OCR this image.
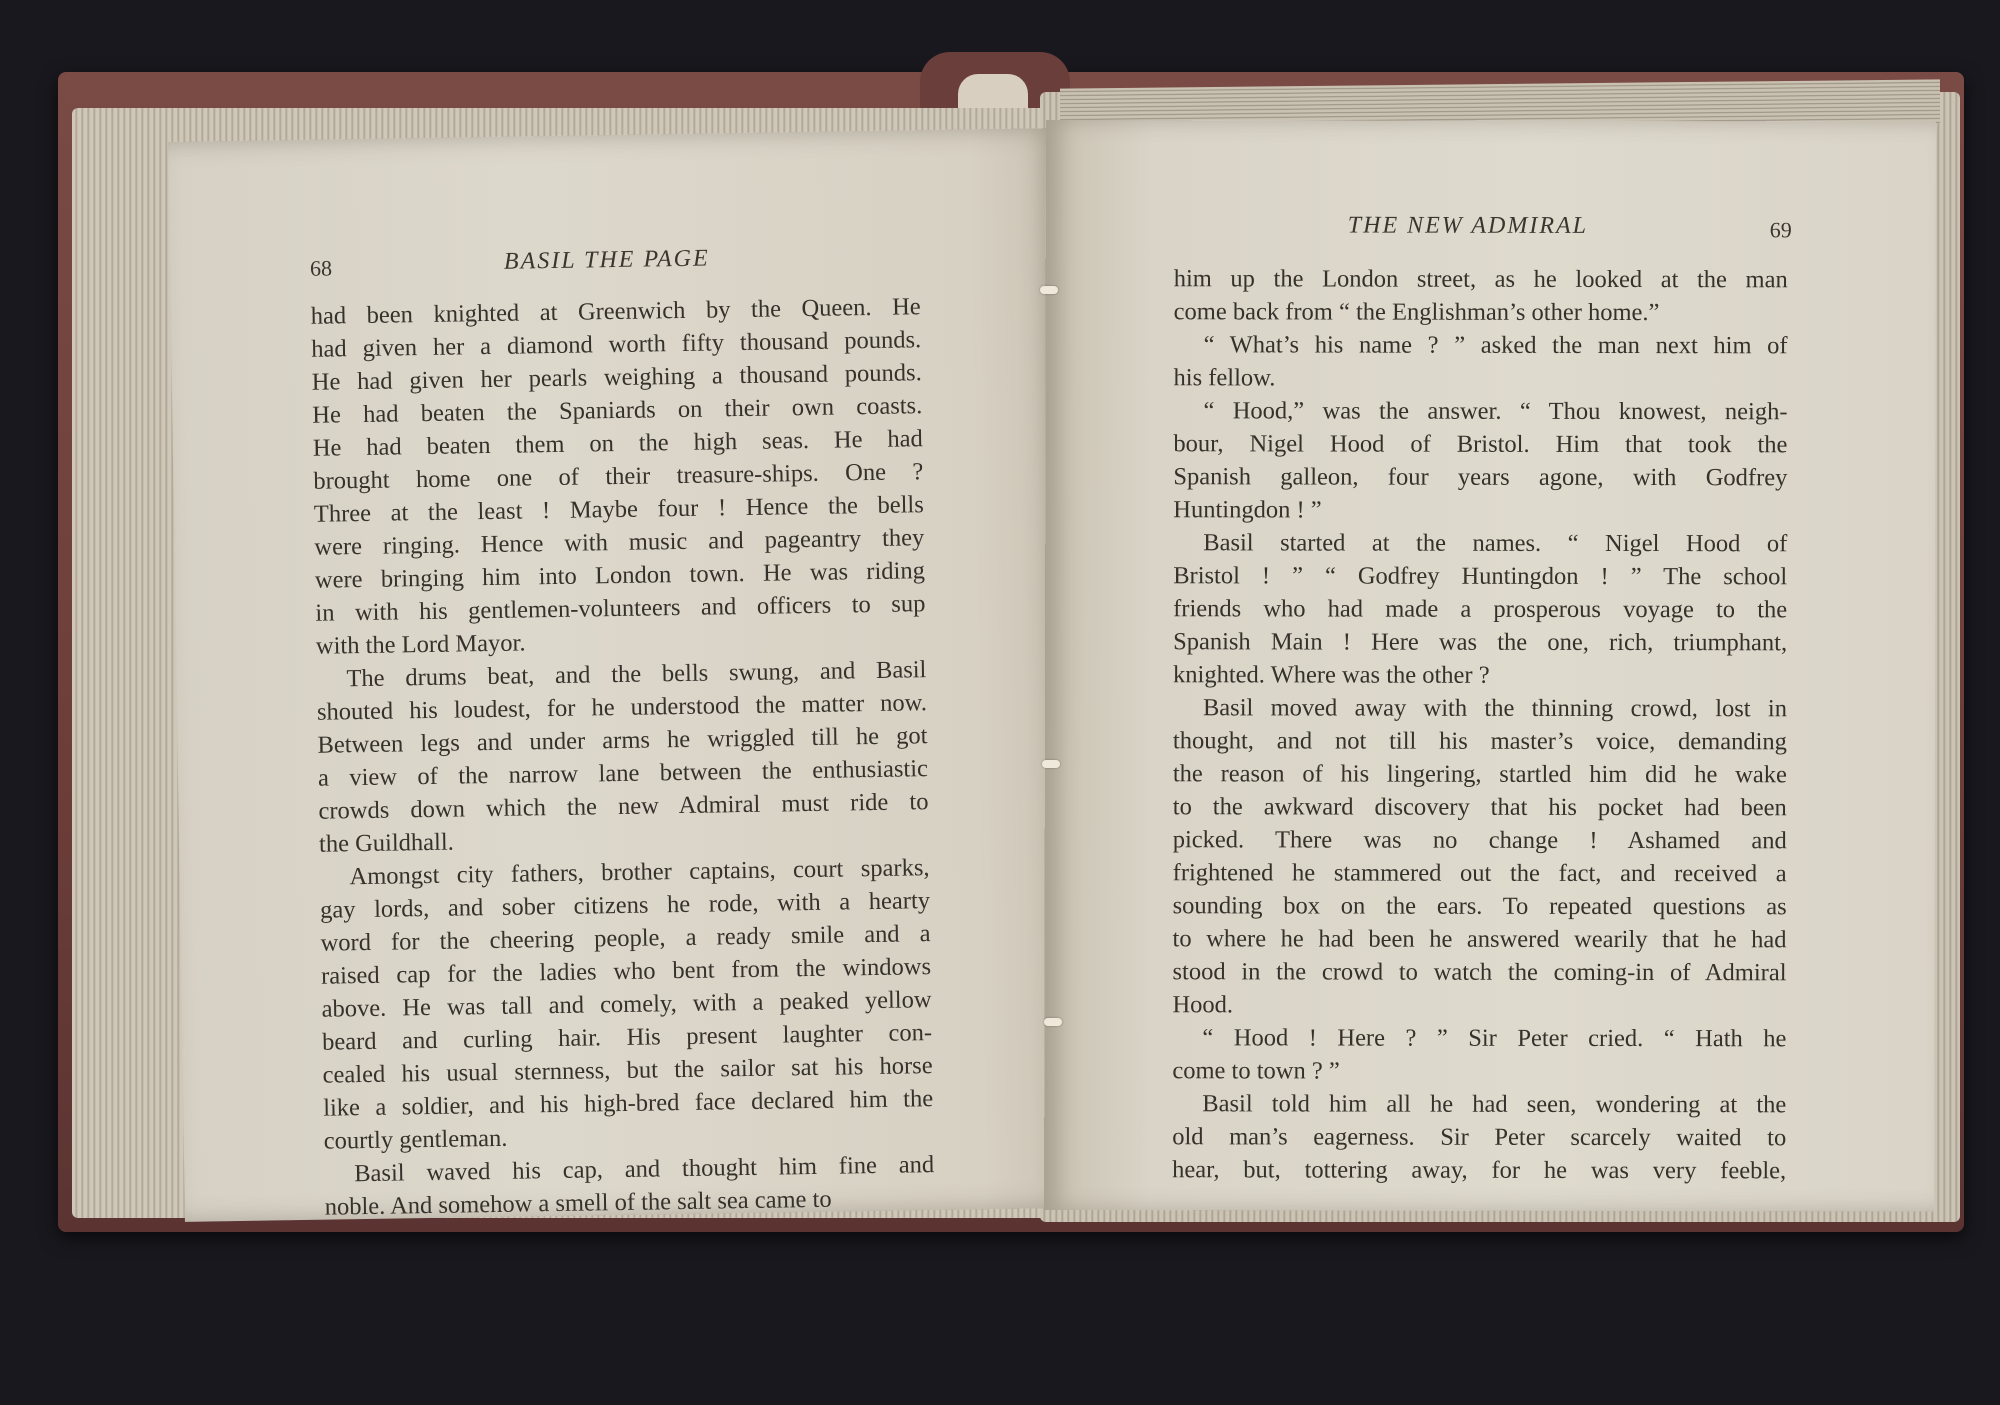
68	BASIL THE PAGE
had been knighted at Greenwich by the Queen. He
had given her a diamond worth fifty thousand pounds.
He had given her pearls weighing a thousand pounds.
He had beaten the Spaniards on their own coasts.
He had beaten them on the high seas. He had
brought home one of their treasure-ships. One ?
Three at the least ! Maybe four ! Hence the bells
were ringing. Hence with music and pageantry they
were bringing him into London town. He was riding
in with his gentlemen-volunteers and officers to sup
with the Lord Mayor.
The drums beat, and the bells swung, and Basil
shouted his loudest, for he understood the matter now.
Between legs and under arms he wriggled till he got
a view of the narrow lane between the enthusiastic
crowds down which the new Admiral must ride to
the Guildhall.
Amongst city fathers, brother captains, court sparks,
gay lords, and sober citizens he rode, with a hearty
word for the cheering people, a ready smile and a
raised cap for the ladies who bent from the windows
above. He was tall and comely, with a peaked yellow
beard and curling hair. His present laughter con-
cealed his usual sternness, but the sailor sat his horse
like a soldier, and his high-bred face declared him the
courtly gentleman.
Basil waved his cap, and thought him fine and
noble. And somehow a smell of the salt sea came to
THE NEW ADMIRAL	69
him up the London street, as he looked at the man
come back from “ the Englishman’s other home.”
“ What’s his name ? ” asked the man next him of
his fellow.
“ Hood,” was the answer. “ Thou knowest, neigh-
bour, Nigel Hood of Bristol. Him that took the
Spanish galleon, four years agone, with Godfrey
Huntingdon ! ”
Basil started at the names. “ Nigel Hood of
Bristol ! ” “ Godfrey Huntingdon ! ” The school
friends who had made a prosperous voyage to the
Spanish Main ! Here was the one, rich, triumphant,
knighted. Where was the other ?
Basil moved away with the thinning crowd, lost in
thought, and not till his master’s voice, demanding
the reason of his lingering, startled him did he wake
to the awkward discovery that his pocket had been
picked. There was no change ! Ashamed and
frightened he stammered out the fact, and received a
sounding box on the ears. To repeated questions as
to where he had been he answered wearily that he had
stood in the crowd to watch the coming-in of Admiral
Hood.
“ Hood ! Here ? ” Sir Peter cried. “ Hath he
come to town ? ”
Basil told him all he had seen, wondering at the
old man’s eagerness. Sir Peter scarcely waited to
hear, but, tottering away, for he was very feeble,
